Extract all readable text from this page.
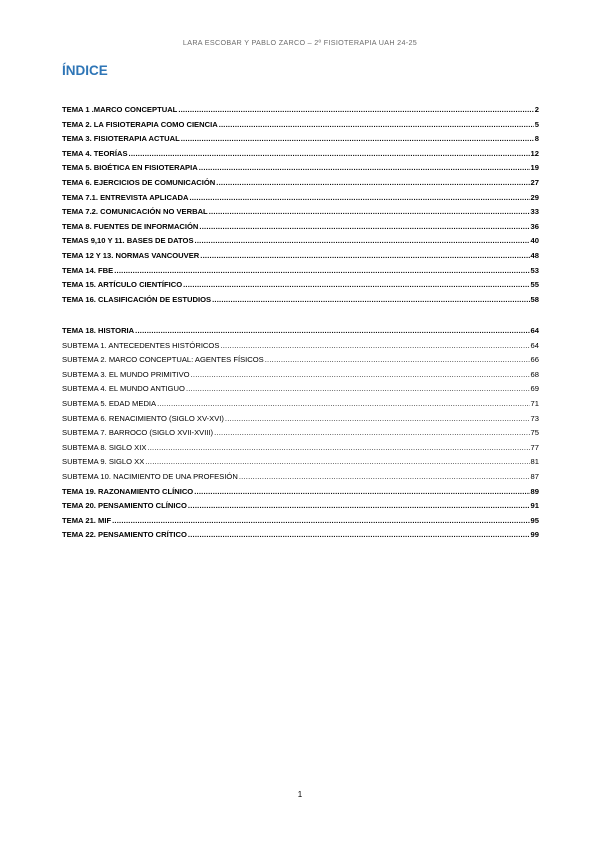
LARA ESCOBAR Y PABLO ZARCO – 2º FISIOTERAPIA UAH 24-25
ÍNDICE
TEMA 1 .MARCO CONCEPTUAL .....	2
TEMA 2. LA FISIOTERAPIA COMO CIENCIA .....	5
TEMA 3. FISIOTERAPIA ACTUAL .....	8
TEMA 4. TEORÍAS .....	12
TEMA 5. BIOÉTICA EN FISIOTERAPIA .....	19
TEMA 6. EJERCICIOS DE COMUNICACIÓN .....	27
TEMA 7.1. ENTREVISTA APLICADA .....	29
TEMA 7.2. COMUNICACIÓN NO VERBAL .....	33
TEMA 8. FUENTES DE INFORMACIÓN .....	36
TEMAS 9,10 Y 11. BASES DE DATOS .....	40
TEMA 12 Y 13. NORMAS VANCOUVER .....	48
TEMA 14. FBE .....	53
TEMA 15. ARTÍCULO CIENTÍFICO .....	55
TEMA 16. CLASIFICACIÓN DE ESTUDIOS .....	58
TEMA 18. HISTORIA .....	64
SUBTEMA 1. ANTECEDENTES HISTÓRICOS .....	64
SUBTEMA 2. MARCO CONCEPTUAL: AGENTES FÍSICOS .....	66
SUBTEMA 3. EL MUNDO PRIMITIVO .....	68
SUBTEMA 4. EL MUNDO ANTIGUO .....	69
SUBTEMA 5. EDAD MEDIA .....	71
SUBTEMA 6. RENACIMIENTO (SIGLO XV-XVI) .....	73
SUBTEMA 7. BARROCO (SIGLO XVII-XVIII) .....	75
SUBTEMA 8. SIGLO XIX .....	77
SUBTEMA 9. SIGLO XX .....	81
SUBTEMA 10. NACIMIENTO DE UNA PROFESIÓN .....	87
TEMA 19. RAZONAMIENTO CLÍNICO .....	89
TEMA 20. PENSAMIENTO CLÍNICO .....	91
TEMA 21. MIF .....	95
TEMA 22. PENSAMIENTO CRÍTICO .....	99
1
